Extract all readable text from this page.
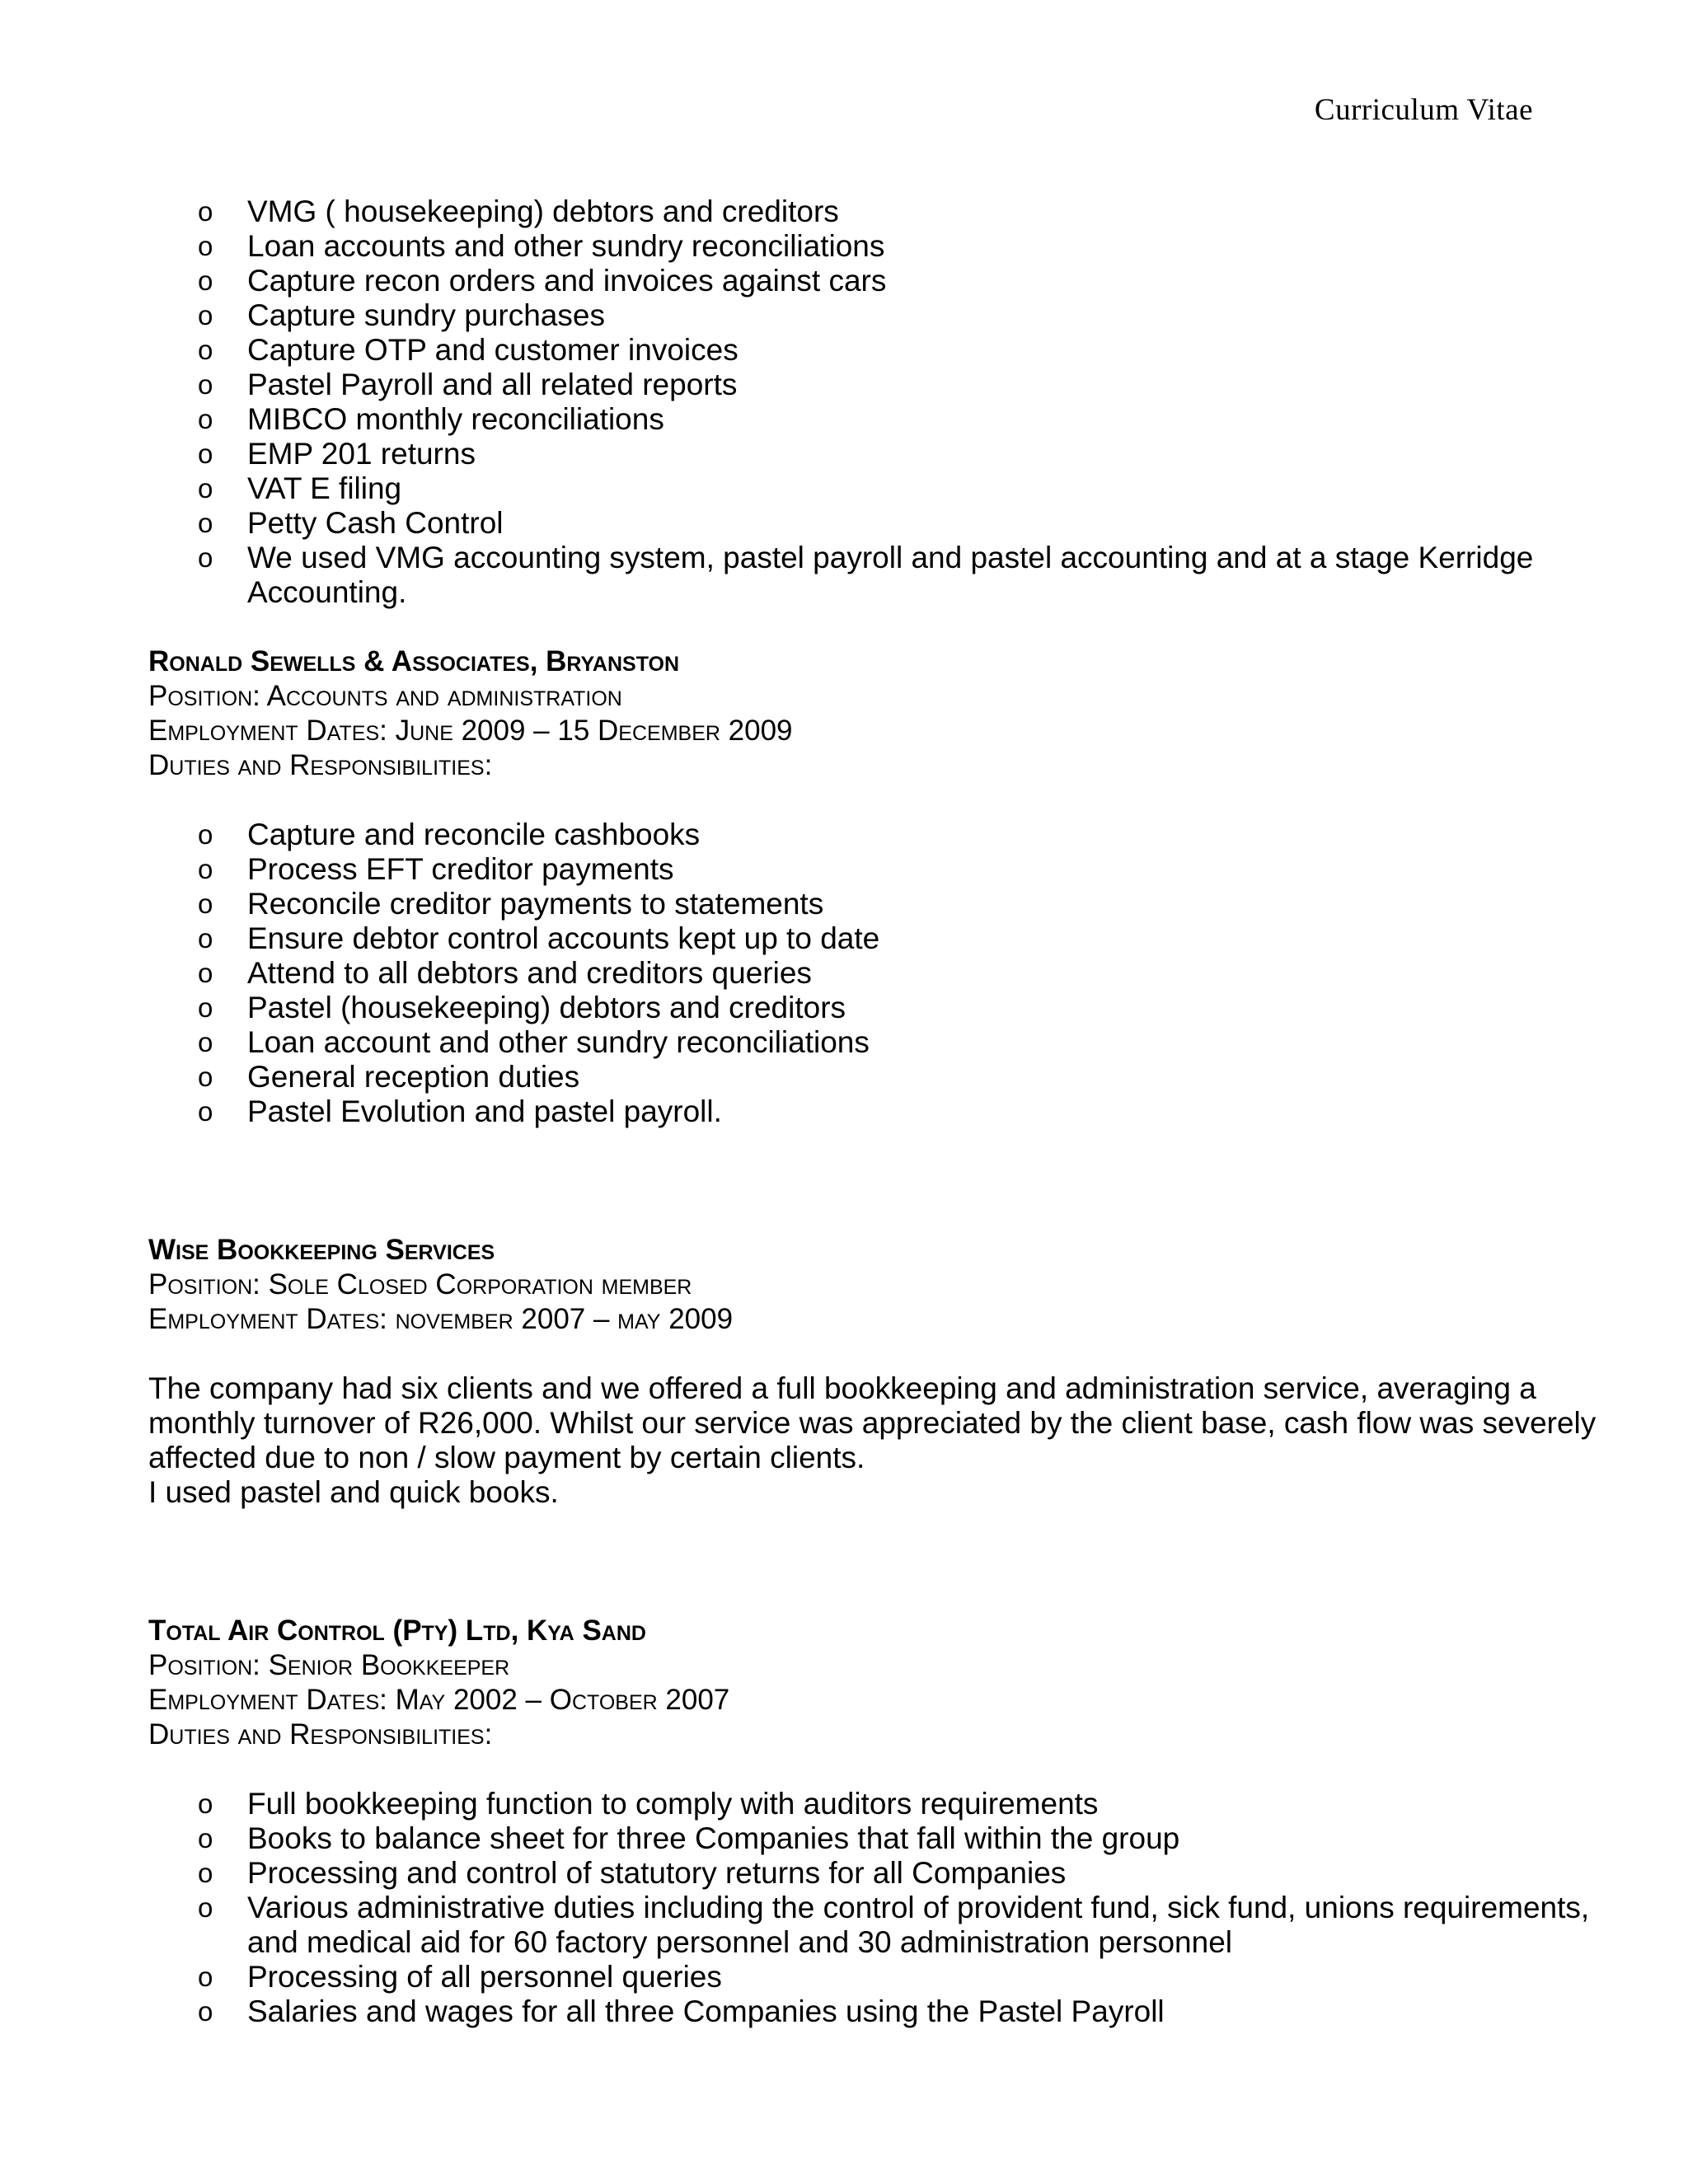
Curriculum Vitae
o VMG ( housekeeping) debtors and creditors
o Loan accounts and other sundry reconciliations
o Capture recon orders and invoices against cars
o Capture sundry purchases
o Capture OTP and customer invoices
o Pastel Payroll and all related reports
o MIBCO monthly reconciliations
o EMP 201 returns
o VAT E filing
o Petty Cash Control
o We used VMG accounting system, pastel payroll and pastel accounting and at a stage Kerridge Accounting.
Ronald Sewells & Associates, Bryanston
Position: Accounts and administration
Employment Dates: June 2009 – 15 December 2009
Duties and Responsibilities:
o Capture and reconcile cashbooks
o Process EFT creditor payments
o Reconcile creditor payments to statements
o Ensure debtor control accounts kept up to date
o Attend to all debtors and creditors queries
o Pastel (housekeeping) debtors and creditors
o Loan account and other sundry reconciliations
o General reception duties
o Pastel Evolution and pastel payroll.
Wise Bookkeeping Services
Position: Sole Closed Corporation member
Employment Dates: november 2007 – may 2009
The company had six clients and we offered a full bookkeeping and administration service, averaging a monthly turnover of R26,000. Whilst our service was appreciated by the client base, cash flow was severely affected due to non / slow payment by certain clients.
I used pastel and quick books.
Total Air Control (Pty) Ltd, Kya Sand
Position: Senior Bookkeeper
Employment Dates: May 2002 – October 2007
Duties and Responsibilities:
o Full bookkeeping function to comply with auditors requirements
o Books to balance sheet for three Companies that fall within the group
o Processing and control of statutory returns for all Companies
o Various administrative duties including the control of provident fund, sick fund, unions requirements, and medical aid for 60 factory personnel and 30 administration personnel
o Processing of all personnel queries
o Salaries and wages for all three Companies using the Pastel Payroll
